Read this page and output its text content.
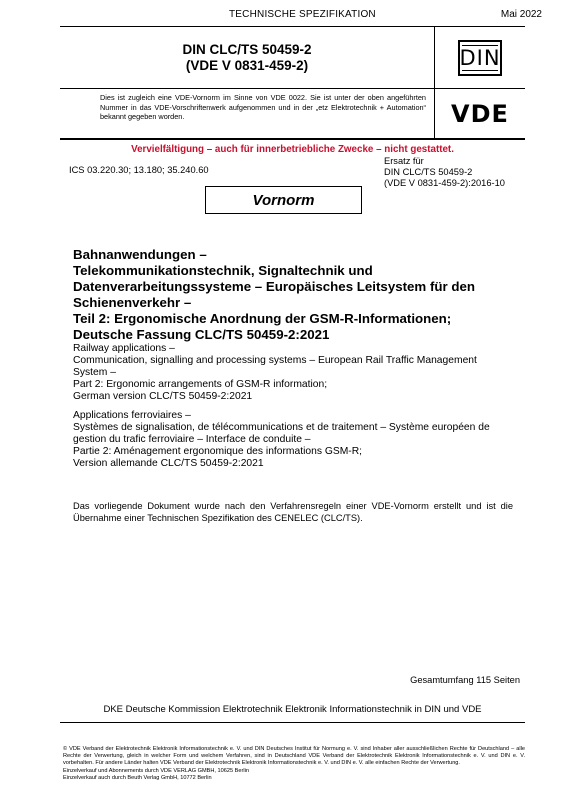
TECHNISCHE SPEZIFIKATION	Mai 2022
DIN CLC/TS 50459-2
(VDE V 0831-459-2)	DIN
Dies ist zugleich eine VDE-Vornorm im Sinne von VDE 0022. Sie ist unter der oben angeführten Nummer in das VDE-Vorschriftenwerk aufgenommen und in der „etz Elektrotechnik + Automation“ bekannt gegeben worden.	VDE
Vervielfältigung – auch für innerbetriebliche Zwecke – nicht gestattet.
ICS 03.220.30; 13.180; 35.240.60
Ersatz für
DIN CLC/TS 50459-2
(VDE V 0831-459-2):2016-10
Vornorm
Bahnanwendungen –
Telekommunikationstechnik, Signaltechnik und
Datenverarbeitungssysteme – Europäisches Leitsystem für den
Schienenverkehr –
Teil 2: Ergonomische Anordnung der GSM-R-Informationen;
Deutsche Fassung CLC/TS 50459-2:2021
Railway applications –
Communication, signalling and processing systems – European Rail Traffic Management
System –
Part 2: Ergonomic arrangements of GSM-R information;
German version CLC/TS 50459-2:2021
Applications ferroviaires –
Systèmes de signalisation, de télécommunications et de traitement – Système européen de
gestion du trafic ferroviaire – Interface de conduite –
Partie 2: Aménagement ergonomique des informations GSM-R;
Version allemande CLC/TS 50459-2:2021
Das vorliegende Dokument wurde nach den Verfahrensregeln einer VDE-Vornorm erstellt und ist die Übernahme einer Technischen Spezifikation des CENELEC (CLC/TS).
Gesamtumfang 115 Seiten
DKE Deutsche Kommission Elektrotechnik Elektronik Informationstechnik in DIN und VDE
© VDE Verband der Elektrotechnik Elektronik Informationstechnik e. V. und DIN Deutsches Institut für Normung e. V. sind Inhaber aller ausschließlichen Rechte für Deutschland – alle Rechte der Verwertung, gleich in welcher Form und welchem Verfahren, sind in Deutschland VDE Verband der Elektrotechnik Elektronik Informationstechnik e. V. und DIN e. V. vorbehalten. Für andere Länder halten VDE Verband der Elektrotechnik Elektronik Informationstechnik e. V. und DIN e. V. alle einfachen Rechte der Verwertung.
Einzelverkauf und Abonnements durch VDE VERLAG GMBH, 10625 Berlin
Einzelverkauf auch durch Beuth Verlag GmbH, 10772 Berlin
